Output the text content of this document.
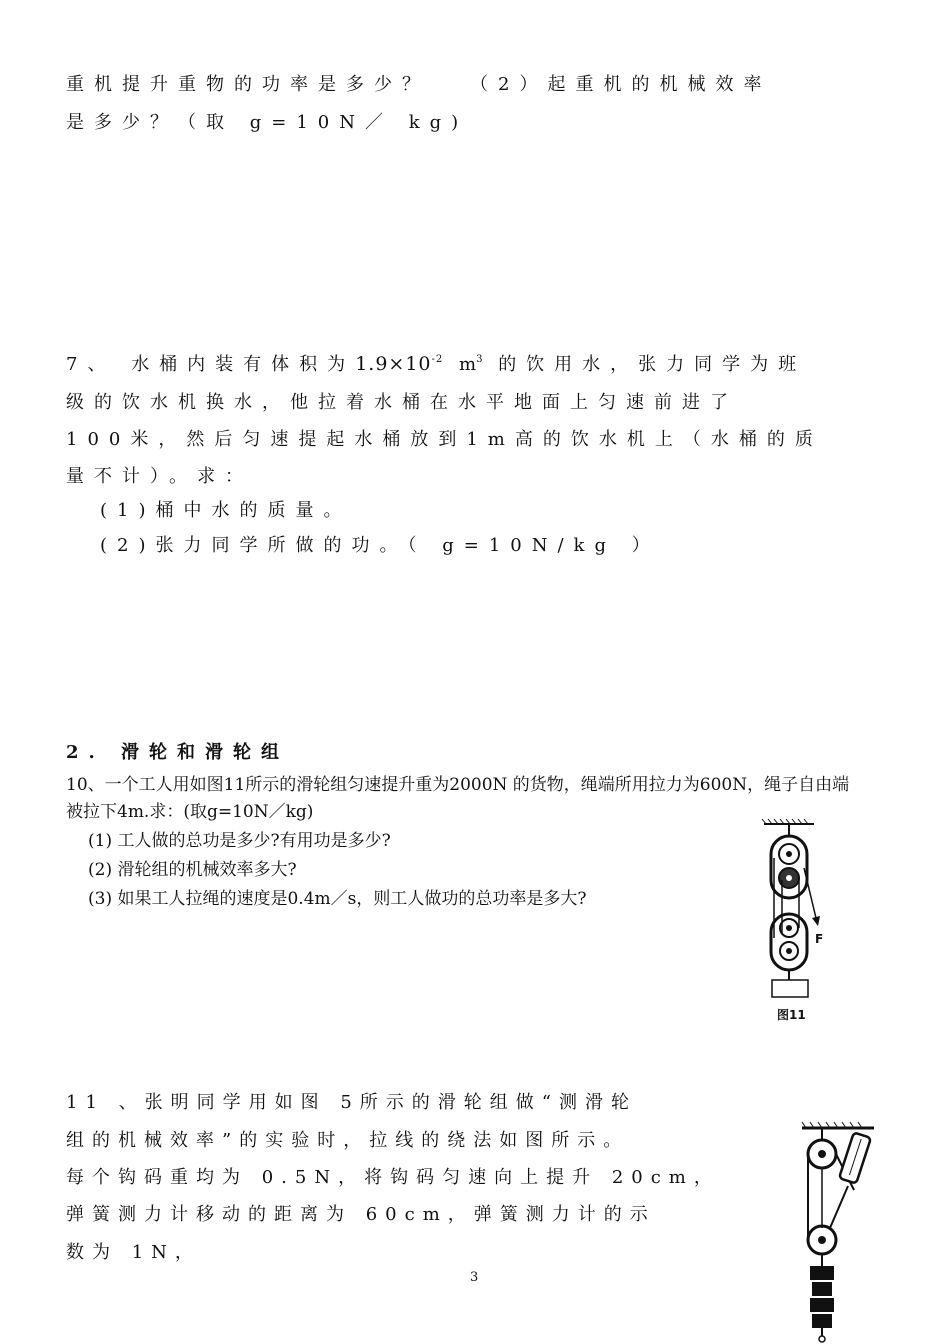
重机提升重物的功率是多少？ （2）起重机的机械效率
是多少？（取 g=10N／ kg)
7、 水桶内装有体积为$1.9\times 10^{-2}$ $m^3$ 的饮用水，张力同学为班
级的饮水机换水，他拉着水桶在水平地面上匀速前进了
100米，然后匀速提起水桶放到1m高的饮水机上（水桶的质
量不计）。求：
(1)桶中水的质量。
(2)张力同学所做的功。（ g=10N/kg ）
2. 滑轮和滑轮组
10、一个工人用如图11所示的滑轮组匀速提升重为2000N 的货物，绳端所用拉力为600N，绳子自由端
被拉下4m.求：(取g=10N／kg)
(1) 工人做的总功是多少?有用功是多少?
(2) 滑轮组的机械效率多大?
(3) 如果工人拉绳的速度是0.4m／s，则工人做功的总功率是多大?
F
图11
11 、张明同学用如图 5所示的滑轮组做“测滑轮
组的机械效率”的实验时，拉线的绕法如图所示。
每个钩码重均为 0.5N，将钩码匀速向上提升 20cm，
弹簧测力计移动的距离为 60cm，弹簧测力计的示
数为 1N，
3
